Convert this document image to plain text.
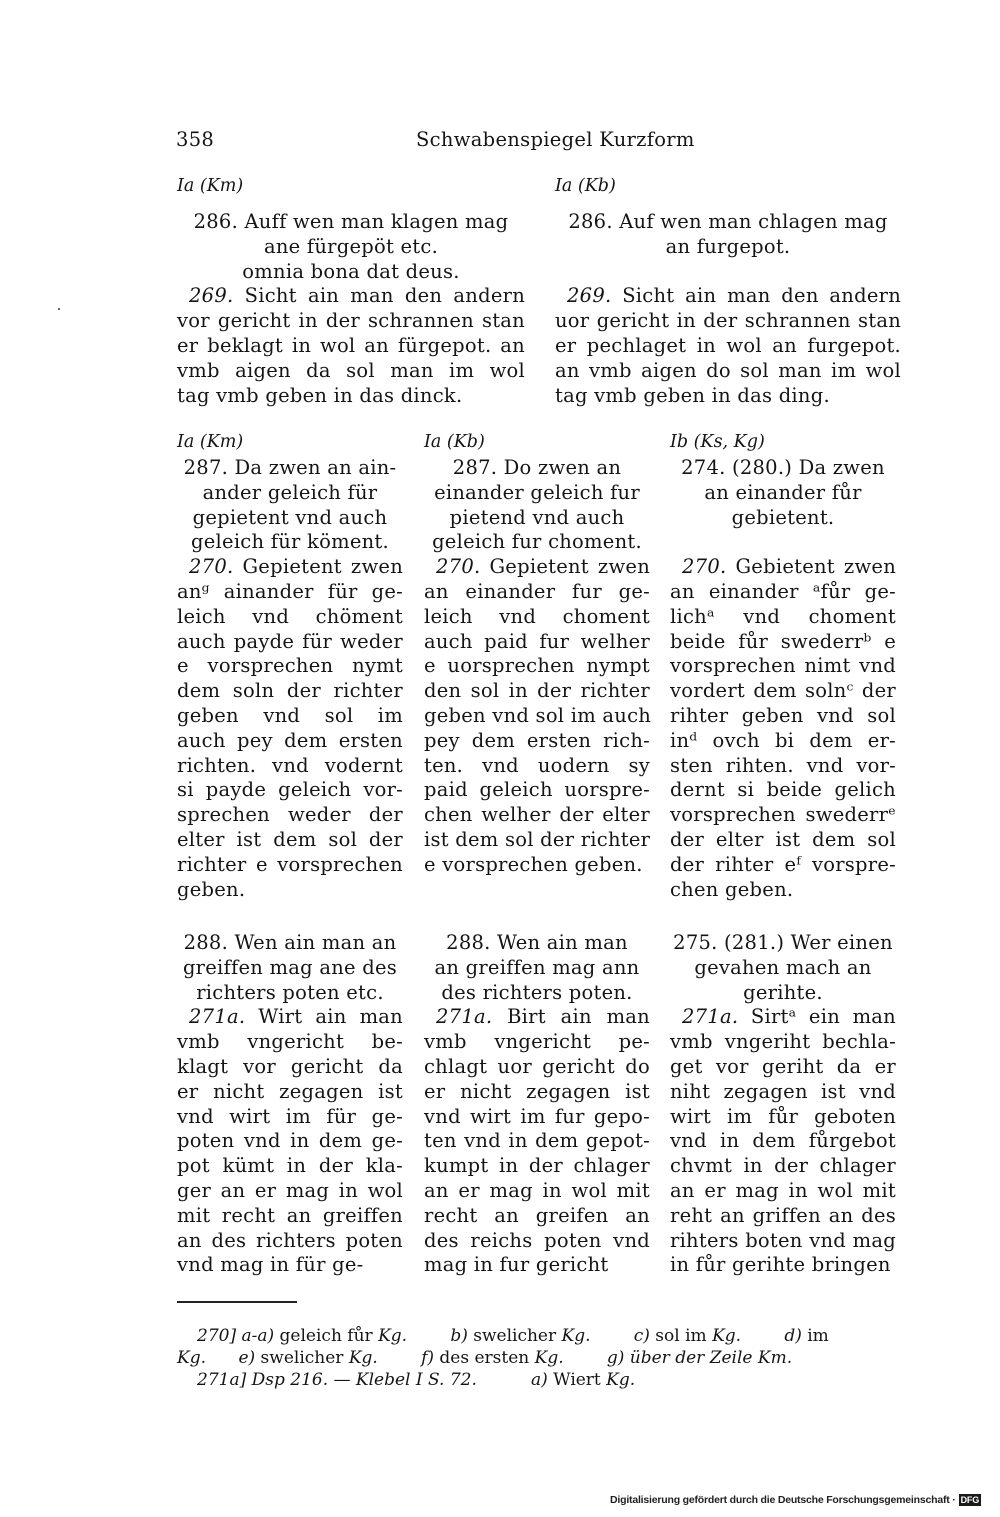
358	Schwabenspiegel Kurzform
Ia (Km)	Ia (Kb)
286. Auff wen man klagen mag
ane fürgepöt etc.
omnia bona dat deus.
269. Sicht ain man den andern
vor gericht in der schrannen stan
er beklagt in wol an fürgepot. an
vmb aigen da sol man im wol
tag vmb geben in das dinck.
286. Auf wen man chlagen mag
an furgepot.
269. Sicht ain man den andern
uor gericht in der schrannen stan
er pechlaget in wol an furgepot.
an vmb aigen do sol man im wol
tag vmb geben in das ding.
Ia (Km)	Ia (Kb)	Ib (Ks, Kg)
287. Da zwen an ain-
ander geleich für
gepietent vnd auch
geleich für köment.
270. Gepietent zwen
anᵍ ainander für ge-
leich vnd chöment
auch payde für weder
e vorsprechen nymt
dem soln der richter
geben vnd sol im
auch pey dem ersten
richten. vnd vodernt
si payde geleich vor-
sprechen weder der
elter ist dem sol der
richter e vorsprechen
geben.
287. Do zwen an
einander geleich fur
pietend vnd auch
geleich fur choment.
270. Gepietent zwen
an einander fur ge-
leich vnd choment
auch paid fur welher
e uorsprechen nympt
den sol in der richter
geben vnd sol im auch
pey dem ersten rich-
ten. vnd uodern sy
paid geleich uorspre-
chen welher der elter
ist dem sol der richter
e vorsprechen geben.
274. (280.) Da zwen
an einander fůr
gebietent.
270. Gebietent zwen
an einander ᵃfůr ge-
lichᵃ vnd choment
beide fůr swederrᵇ e
vorsprechen nimt vnd
vordert dem solnᶜ der
rihter geben vnd sol
inᵈ ovch bi dem er-
sten rihten. vnd vor-
dernt si beide gelich
vorsprechen swederrᵉ
der elter ist dem sol
der rihter eᶠ vorspre-
chen geben.
288. Wen ain man an
greiffen mag ane des
richters poten etc.
271a. Wirt ain man
vmb vngericht be-
klagt vor gericht da
er nicht zegagen ist
vnd wirt im für ge-
poten vnd in dem ge-
pot kümt in der kla-
ger an er mag in wol
mit recht an greiffen
an des richters poten
vnd mag in für ge-
288. Wen ain man
an greiffen mag ann
des richters poten.
271a. Birt ain man
vmb vngericht pe-
chlagt uor gericht do
er nicht zegagen ist
vnd wirt im fur gepo-
ten vnd in dem gepot-
kumpt in der chlager
an er mag in wol mit
recht an greifen an
des reichs poten vnd
mag in fur gericht
275. (281.) Wer einen
gevahen mach an
gerihte.
271a. Sirtᵃ ein man
vmb vngeriht bechla-
get vor geriht da er
niht zegagen ist vnd
wirt im fůr geboten
vnd in dem fůrgebot
chvmt in der chlager
an er mag in wol mit
reht an griffen an des
rihters boten vnd mag
in fůr gerihte bringen
270] a-a) geleich fůr Kg.	b) swelicher Kg.	c) sol im Kg.	d) im
Kg. e) swelicher Kg.	f) des ersten Kg.	g) über der Zeile Km.
271a] Dsp 216. — Klebel I S. 72.	a) Wiert Kg.
Digitalisierung gefördert durch die Deutsche Forschungsgemeinschaft · DFG
